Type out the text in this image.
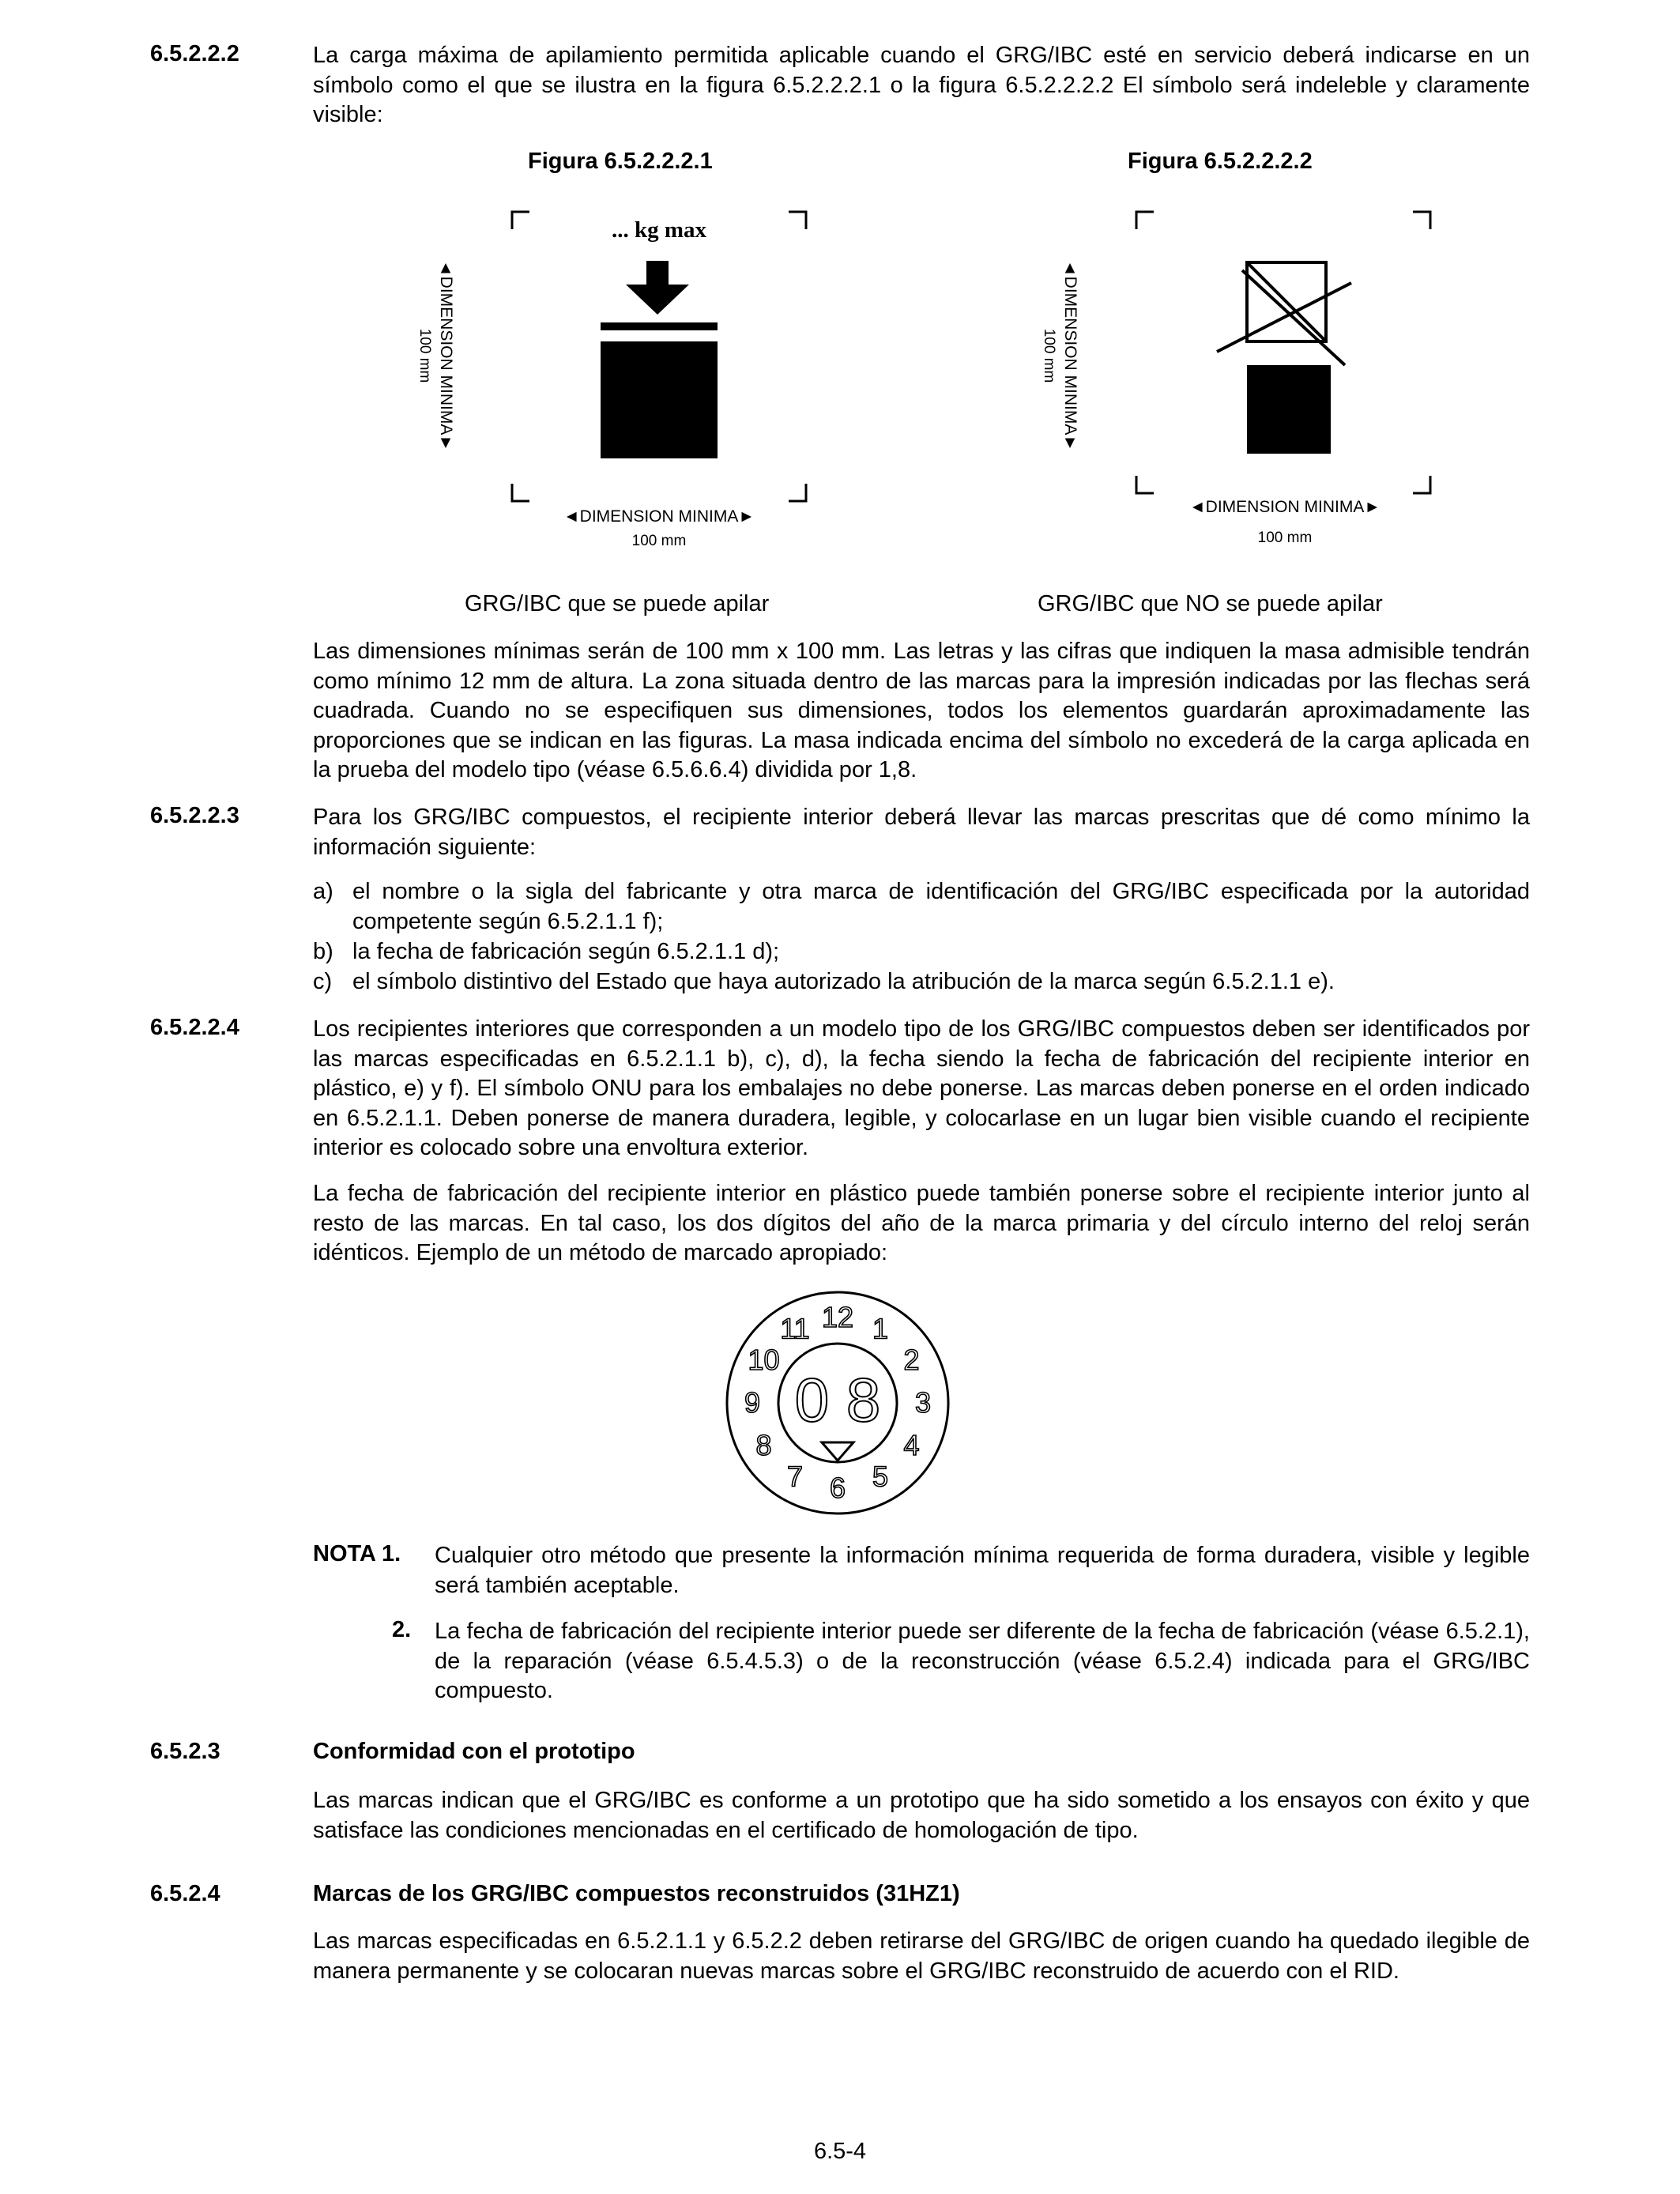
6.5.2.2.2	La carga máxima de apilamiento permitida aplicable cuando el GRG/IBC esté en servicio deberá indicarse en un símbolo como el que se ilustra en la figura 6.5.2.2.2.1 o la figura 6.5.2.2.2.2 El símbolo será indeleble y claramente visible:

Figura 6.5.2.2.2.1	Figura 6.5.2.2.2.2
... kg max
◄DIMENSION MINIMA►
100 mm
◄DIMENSION MINIMA►
100 mm
◄DIMENSION MINIMA►
100 mm
◄DIMENSION MINIMA►
100 mm
GRG/IBC que se puede apilar	GRG/IBC que NO se puede apilar

Las dimensiones mínimas serán de 100 mm x 100 mm. Las letras y las cifras que indiquen la masa admisible tendrán como mínimo 12 mm de altura. La zona situada dentro de las marcas para la impresión indicadas por las flechas será cuadrada. Cuando no se especifiquen sus dimensiones, todos los elementos guardarán aproximadamente las proporciones que se indican en las figuras. La masa indicada encima del símbolo no excederá de la carga aplicada en la prueba del modelo tipo (véase 6.5.6.6.4) dividida por 1,8.

6.5.2.2.3	Para los GRG/IBC compuestos, el recipiente interior deberá llevar las marcas prescritas que dé como mínimo la información siguiente:

a) el nombre o la sigla del fabricante y otra marca de identificación del GRG/IBC especificada por la autoridad competente según 6.5.2.1.1 f);
b) la fecha de fabricación según 6.5.2.1.1 d);
c) el símbolo distintivo del Estado que haya autorizado la atribución de la marca según 6.5.2.1.1 e).
6.5.2.2.4	Los recipientes interiores que corresponden a un modelo tipo de los GRG/IBC compuestos deben ser identificados por las marcas especificadas en 6.5.2.1.1 b), c), d), la fecha siendo la fecha de fabricación del recipiente interior en plástico, e) y f). El símbolo ONU para los embalajes no debe ponerse. Las marcas deben ponerse en el orden indicado en 6.5.2.1.1. Deben ponerse de manera duradera, legible, y colocarlase en un lugar bien visible cuando el recipiente interior es colocado sobre una envoltura exterior.

La fecha de fabricación del recipiente interior en plástico puede también ponerse sobre el recipiente interior junto al resto de las marcas. En tal caso, los dos dígitos del año de la marca primaria y del círculo interno del reloj serán idénticos. Ejemplo de un método de marcado apropiado:

12 1
2
3
4
5
6
7
8
9
10
11
0 8
NOTA 1. Cualquier otro método que presente la información mínima requerida de forma duradera, visible y legible será también aceptable.
2. La fecha de fabricación del recipiente interior puede ser diferente de la fecha de fabricación (véase 6.5.2.1), de la reparación (véase 6.5.4.5.3) o de la reconstrucción (véase 6.5.2.4) indicada para el GRG/IBC compuesto.
6.5.2.3	Conformidad con el prototipo

Las marcas indican que el GRG/IBC es conforme a un prototipo que ha sido sometido a los ensayos con éxito y que satisface las condiciones mencionadas en el certificado de homologación de tipo.

6.5.2.4	Marcas de los GRG/IBC compuestos reconstruidos (31HZ1)

Las marcas especificadas en 6.5.2.1.1 y 6.5.2.2 deben retirarse del GRG/IBC de origen cuando ha quedado ilegible de manera permanente y se colocaran nuevas marcas sobre el GRG/IBC reconstruido de acuerdo con el RID.

6.5-4
